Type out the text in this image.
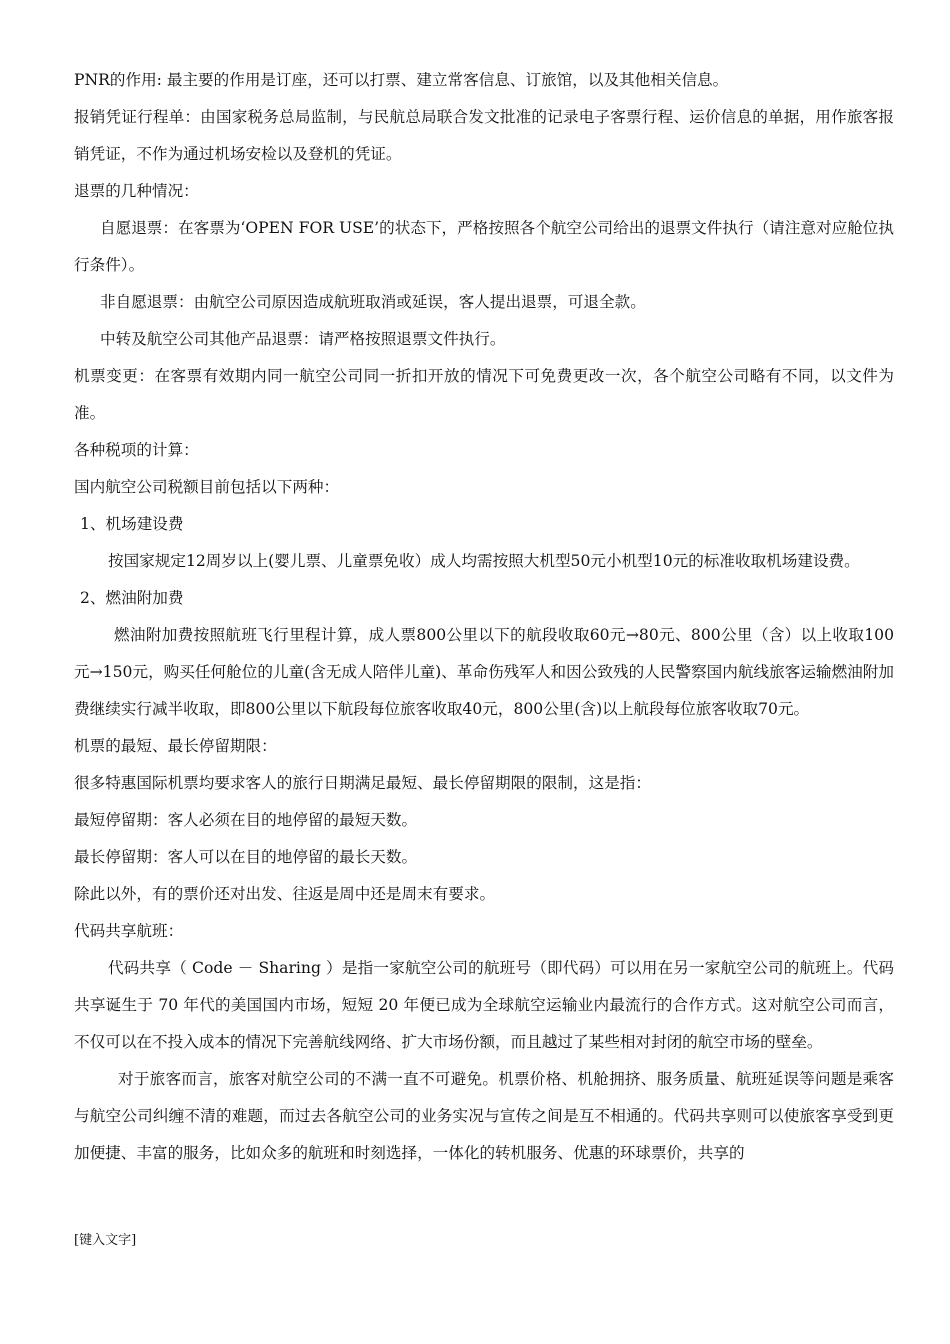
PNR的作用: 最主要的作用是订座，还可以打票、建立常客信息、订旅馆，以及其他相关信息。

报销凭证行程单：由国家税务总局监制，与民航总局联合发文批准的记录电子客票行程、运价信息的单据，用作旅客报销凭证，不作为通过机场安检以及登机的凭证。

退票的几种情况：

自愿退票：在客票为‘OPEN FOR USE’的状态下，严格按照各个航空公司给出的退票文件执行（请注意对应舱位执行条件）。

非自愿退票：由航空公司原因造成航班取消或延误，客人提出退票，可退全款。

中转及航空公司其他产品退票：请严格按照退票文件执行。

机票变更：在客票有效期内同一航空公司同一折扣开放的情况下可免费更改一次，各个航空公司略有不同，以文件为准。

各种税项的计算：

国内航空公司税额目前包括以下两种：

1、机场建设费

按国家规定12周岁以上(婴儿票、儿童票免收）成人均需按照大机型50元小机型10元的标准收取机场建设费。

2、燃油附加费

燃油附加费按照航班飞行里程计算，成人票800公里以下的航段收取60元→80元、800公里（含）以上收取100元→150元，购买任何舱位的儿童(含无成人陪伴儿童)、革命伤残军人和因公致残的人民警察国内航线旅客运输燃油附加费继续实行减半收取，即800公里以下航段每位旅客收取40元，800公里(含)以上航段每位旅客收取70元。

机票的最短、最长停留期限：

很多特惠国际机票均要求客人的旅行日期满足最短、最长停留期限的限制，这是指：

最短停留期：客人必须在目的地停留的最短天数。

最长停留期：客人可以在目的地停留的最长天数。

除此以外，有的票价还对出发、往返是周中还是周末有要求。

代码共享航班：

代码共享（ Code － Sharing ）是指一家航空公司的航班号（即代码）可以用在另一家航空公司的航班上。代码共享诞生于 70 年代的美国国内市场，短短 20 年便已成为全球航空运输业内最流行的合作方式。这对航空公司而言，不仅可以在不投入成本的情况下完善航线网络、扩大市场份额，而且越过了某些相对封闭的航空市场的壁垒。

对于旅客而言，旅客对航空公司的不满一直不可避免。机票价格、机舱拥挤、服务质量、航班延误等问题是乘客与航空公司纠缠不清的难题，而过去各航空公司的业务实况与宣传之间是互不相通的。代码共享则可以使旅客享受到更加便捷、丰富的服务，比如众多的航班和时刻选择，一体化的转机服务、优惠的环球票价，共享的

[键入文字]
